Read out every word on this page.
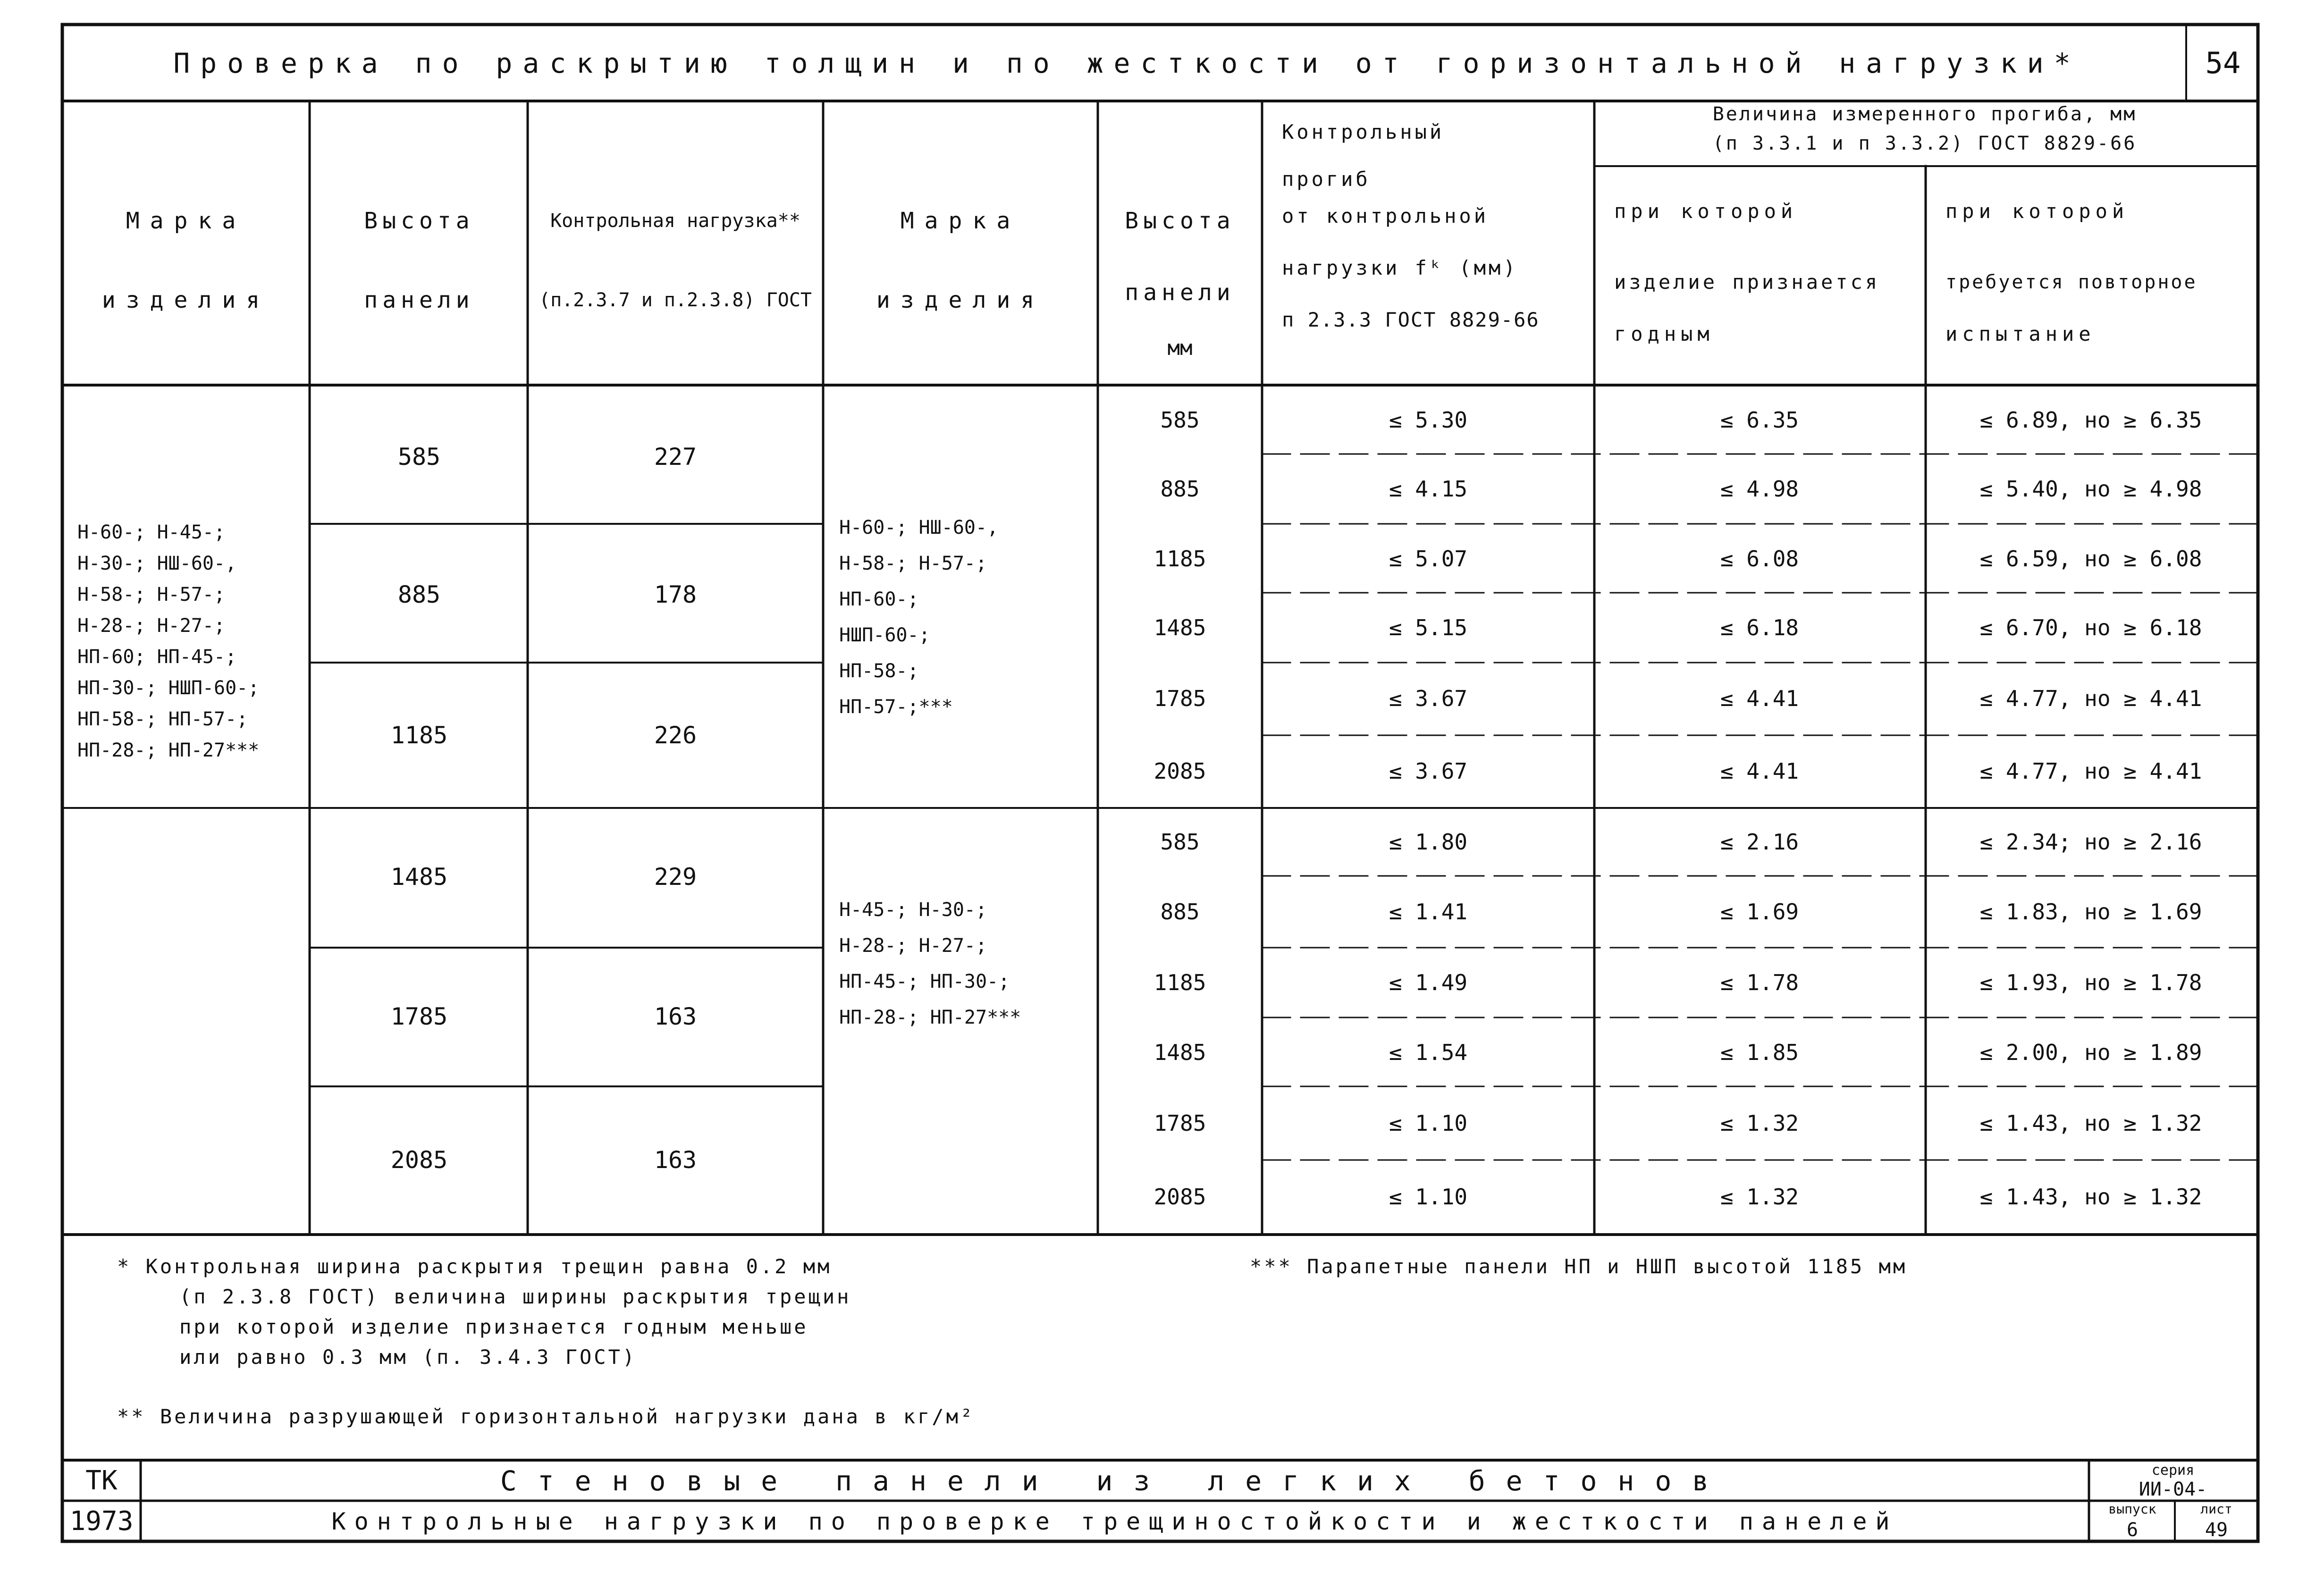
Проверка по раскрытию толщин и по жесткости от горизонтальной нагрузки*	54
Марка
изделия
Высота
панели
Контрольная нагрузка**
(п.2.3.7 и п.2.3.8) ГОСТ
Марка
изделия
Высота
панели
мм
Контрольный
прогиб
от контрольной
нагрузки fᵏ (мм)
п 2.3.3 ГОСТ 8829-66
Величина измеренного прогиба, мм
(п 3.3.1 и п 3.3.2) ГОСТ 8829-66
при которой
изделие признается
годным
при которой
требуется повторное
испытание
Н-60-; Н-45-;
Н-30-; НШ-60-,
Н-58-; Н-57-;
Н-28-; Н-27-;
НП-60; НП-45-;
НП-30-; НШП-60-;
НП-58-; НП-57-;
НП-28-; НП-27***
585	227
885	178
1185	226
1485	229
1785	163
2085	163
Н-60-; НШ-60-,
Н-58-; Н-57-;
НП-60-;
НШП-60-;
НП-58-;
НП-57-;***
Н-45-; Н-30-;
Н-28-; Н-27-;
НП-45-; НП-30-;
НП-28-; НП-27***
585	≤ 5.30	≤ 6.35	≤ 6.89, но ≥ 6.35
885	≤ 4.15	≤ 4.98	≤ 5.40, но ≥ 4.98
1185	≤ 5.07	≤ 6.08	≤ 6.59, но ≥ 6.08
1485	≤ 5.15	≤ 6.18	≤ 6.70, но ≥ 6.18
1785	≤ 3.67	≤ 4.41	≤ 4.77, но ≥ 4.41
2085	≤ 3.67	≤ 4.41	≤ 4.77, но ≥ 4.41
585	≤ 1.80	≤ 2.16	≤ 2.34; но ≥ 2.16
885	≤ 1.41	≤ 1.69	≤ 1.83, но ≥ 1.69
1185	≤ 1.49	≤ 1.78	≤ 1.93, но ≥ 1.78
1485	≤ 1.54	≤ 1.85	≤ 2.00, но ≥ 1.89
1785	≤ 1.10	≤ 1.32	≤ 1.43, но ≥ 1.32
2085	≤ 1.10	≤ 1.32	≤ 1.43, но ≥ 1.32
* Контрольная ширина раскрытия трещин равна 0.2 мм
(п 2.3.8 ГОСТ) величина ширины раскрытия трещин
при которой изделие признается годным меньше
или равно 0.3 мм (п. 3.4.3 ГОСТ)
** Величина разрушающей горизонтальной нагрузки дана в кг/м²
*** Парапетные панели НП и НШП высотой 1185 мм
ТК
1973
Стеновые панели из легких бетонов
Контрольные нагрузки по проверке трещиностойкости и жесткости панелей
серия
ИИ-04-
выпуск
6
лист
49
